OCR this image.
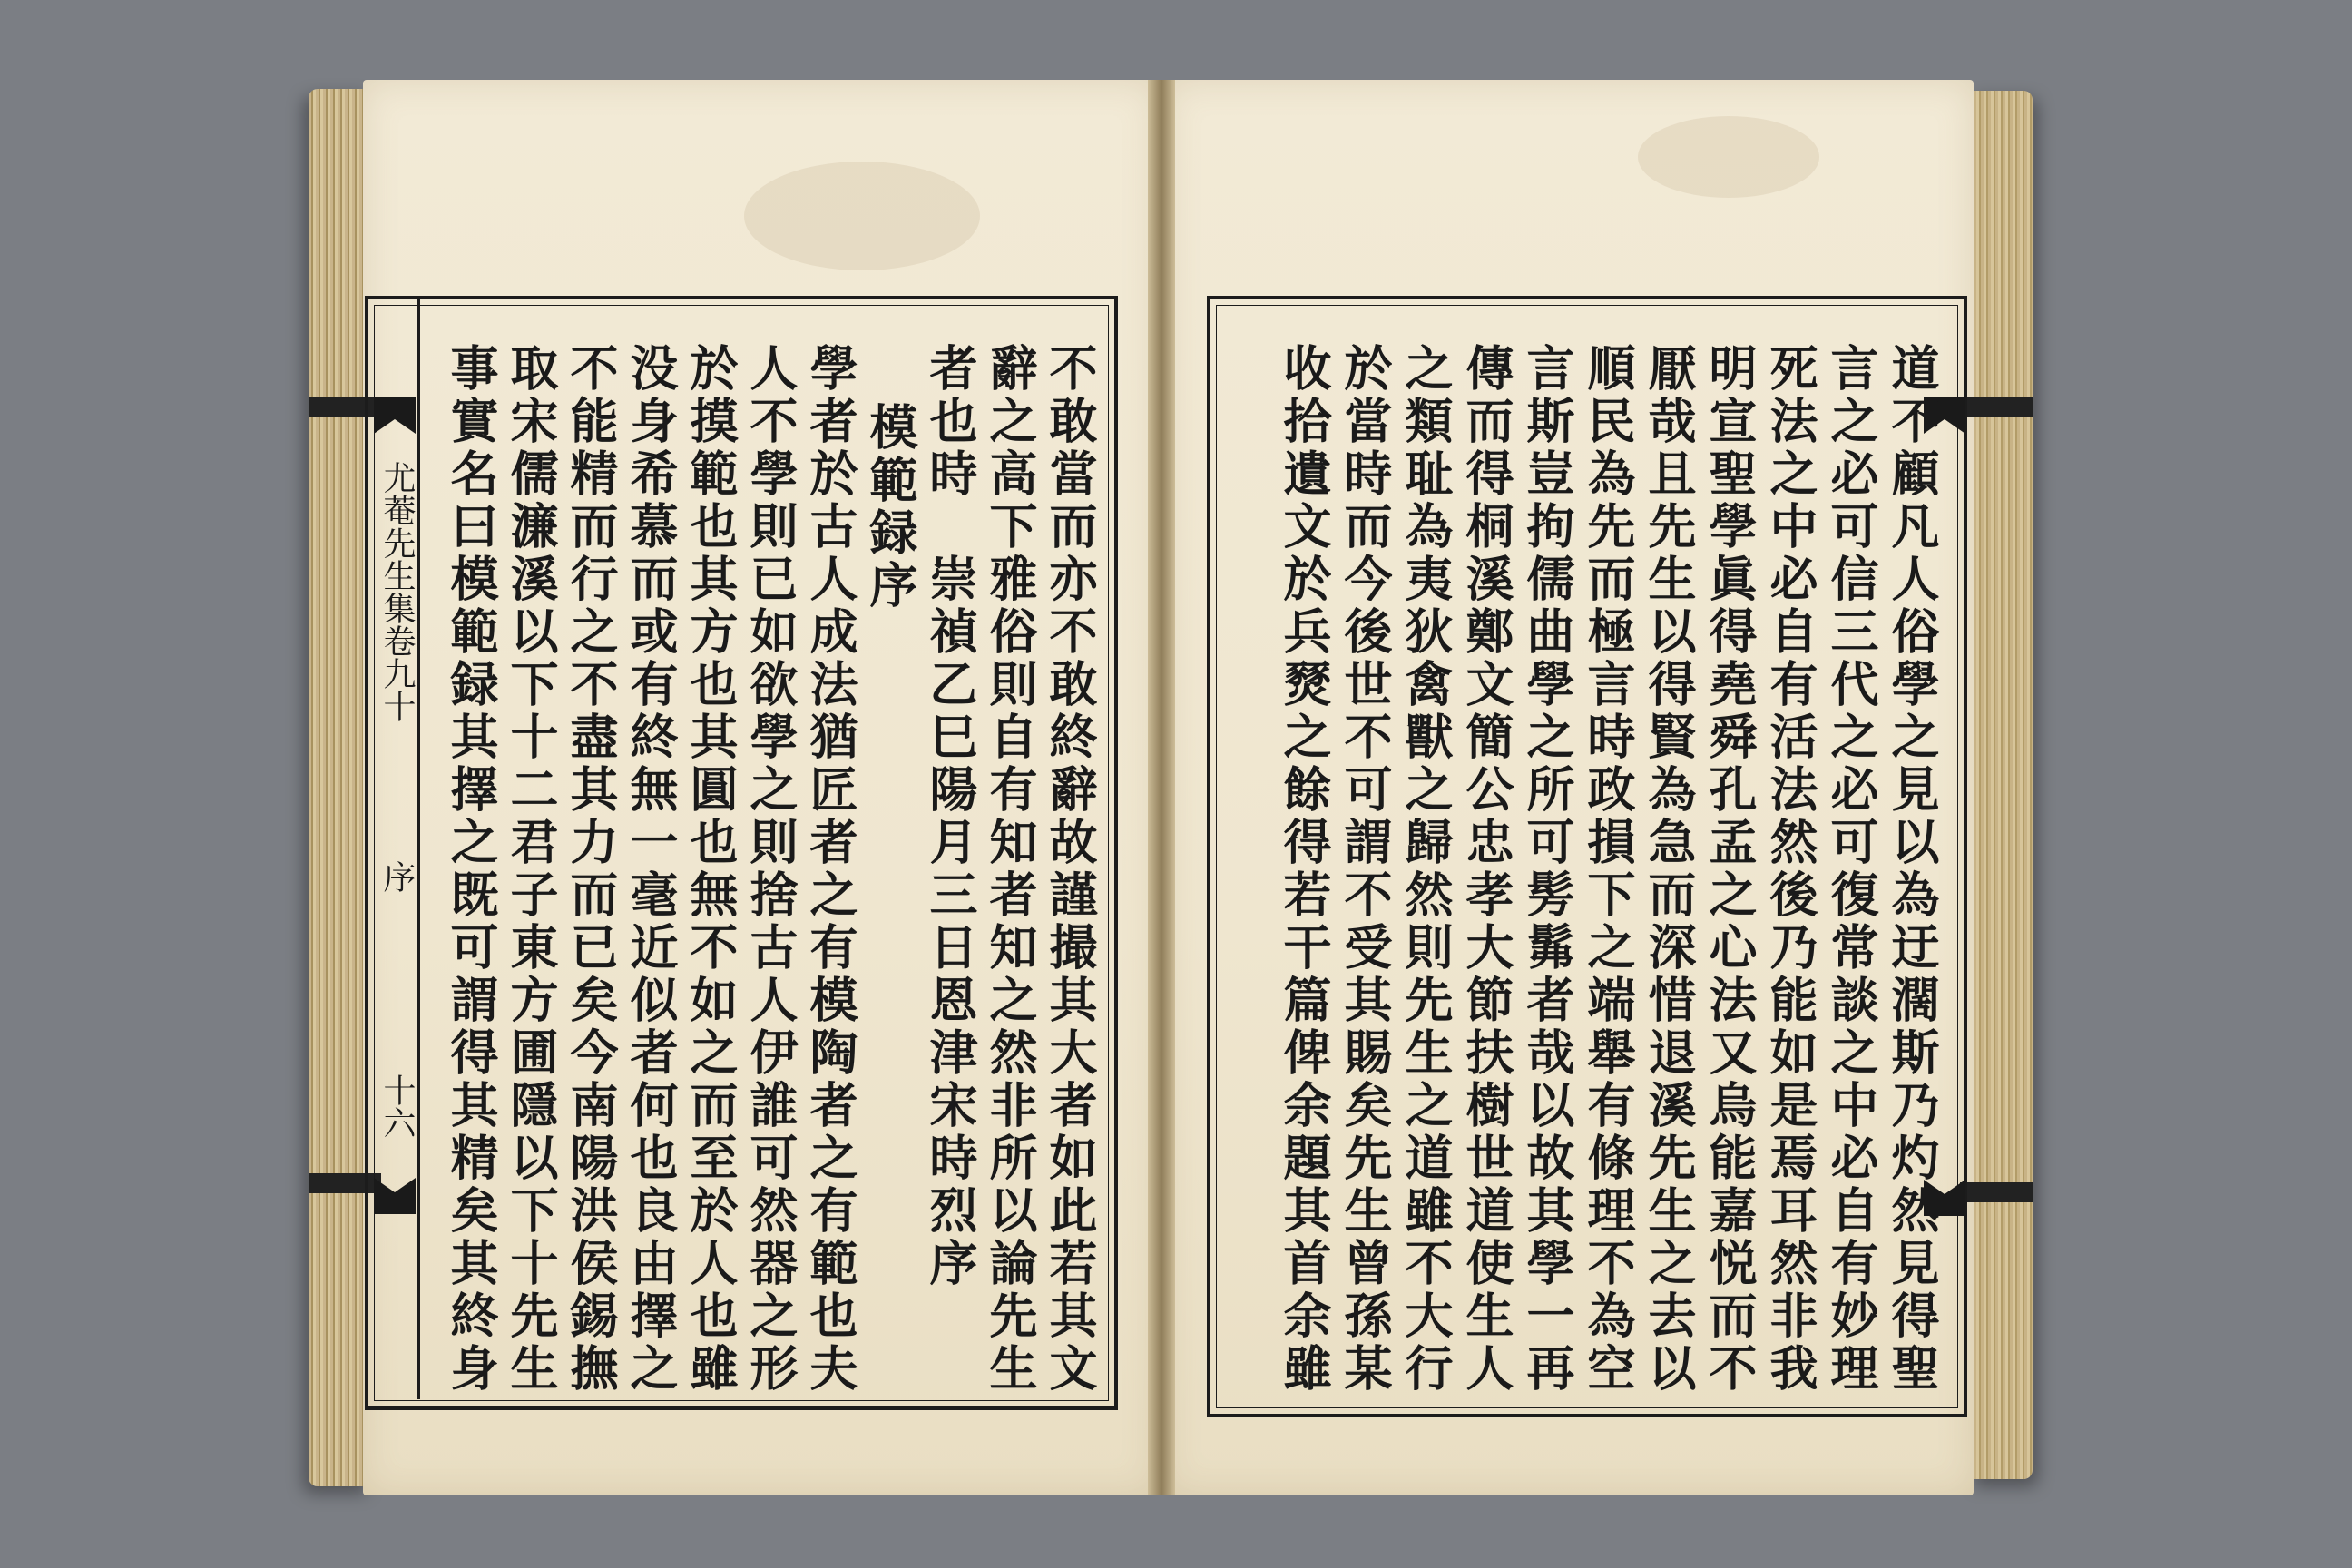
尤菴先生集卷九十
序
十六	不敢當而亦不敢終辭故謹撮其大者如此若其文
辭之高下雅俗則自有知者知之然非所以論先生
者也時　崇禎乙巳陽月三日恩津宋時烈序
模範録序
學者於古人成法猶匠者之有模陶者之有範也夫
人不學則已如欲學之則捨古人伊誰可然器之形
於摸範也其方也其圓也無不如之而至於人也雖
没身希慕而或有終無一毫近似者何也良由擇之
不能精而行之不盡其力而已矣今南陽洪侯錫撫
取宋儒濂溪以下十二君子東方圃隱以下十先生
事實名曰模範録其擇之既可謂得其精矣其終身	道不顧凡人俗學之見以為迂濶斯乃灼然見得聖
言之必可信三代之必可復常談之中必自有妙理
死法之中必自有活法然後乃能如是焉耳然非我
明宣聖學眞得堯舜孔孟之心法又烏能嘉悦而不
厭哉且先生以得賢為急而深惜退溪先生之去以
順民為先而極言時政損下之端舉有條理不為空
言斯豈拘儒曲學之所可髣髴者哉以故其學一再
傳而得桐溪鄭文簡公忠孝大節扶樹世道使生人
之類耻為夷狄禽獸之歸然則先生之道雖不大行
於當時而今後世不可謂不受其賜矣先生曾孫某
收拾遺文於兵燹之餘得若干篇俾余題其首余雖
